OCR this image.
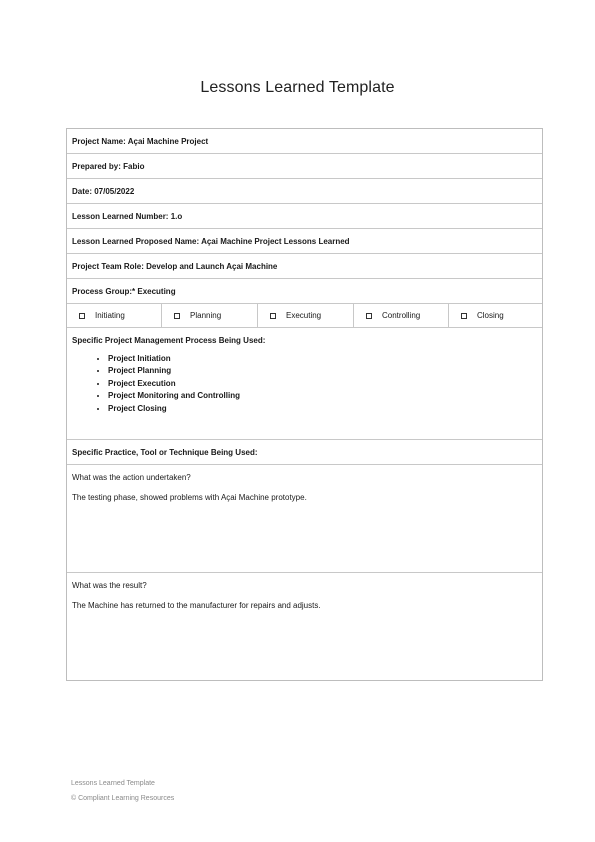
Lessons Learned Template
Project Name: Açai Machine Project
Prepared by: Fabio
Date: 07/05/2022
Lesson Learned Number: 1.o
Lesson Learned Proposed Name: Açai Machine Project Lessons Learned
Project Team Role: Develop and Launch Açai Machine
Process Group:* Executing
Initiating	Planning	Executing	Controlling	Closing

Specific Project Management Process Being Used:

• Project Initiation
• Project Planning
• Project Execution
• Project Monitoring and Controlling
• Project Closing
Specific Practice, Tool or Technique Being Used:

What was the action undertaken?

The testing phase, showed problems with Açai Machine prototype.

What was the result?

The Machine has returned to the manufacturer for repairs and adjusts.

Lessons Learned Template
© Compliant Learning Resources
